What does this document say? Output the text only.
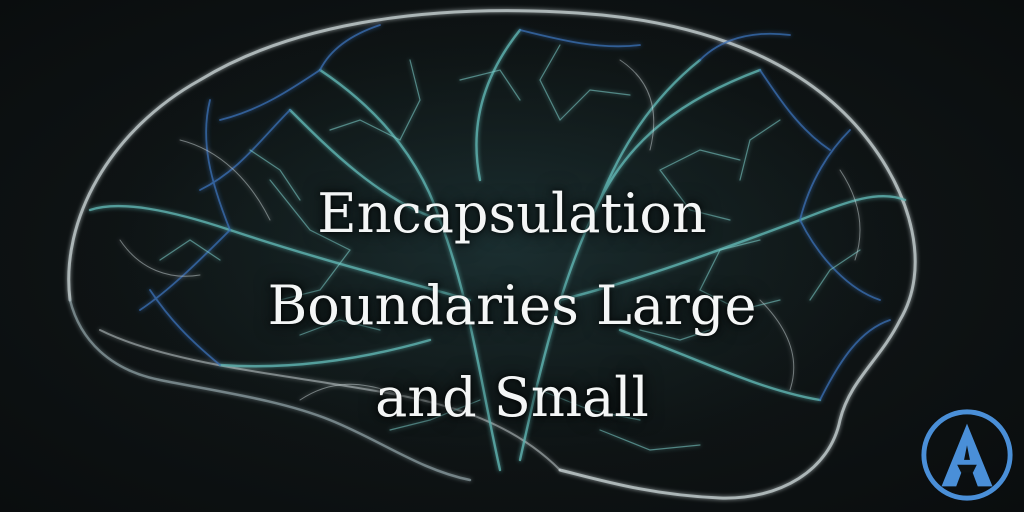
Encapsulation
Boundaries Large
and Small
